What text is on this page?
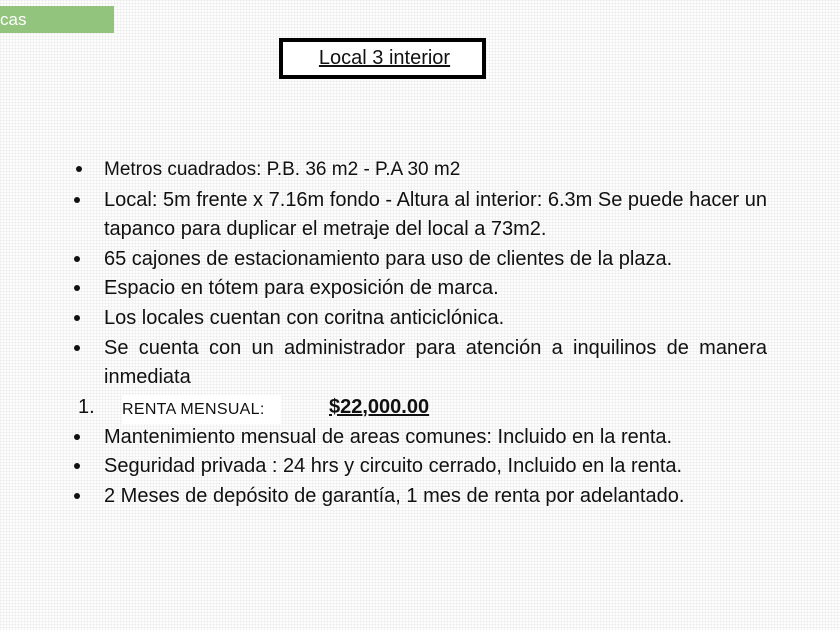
cas
Local 3 interior
Metros cuadrados: P.B. 36 m2 - P.A 30 m2
Local: 5m frente x 7.16m fondo - Altura al interior: 6.3m Se puede hacer un tapanco para duplicar el metraje del local a 73m2.
65 cajones de estacionamiento para uso de clientes de la plaza.
Espacio en tótem para exposición de marca.
Los locales cuentan con coritna anticiclónica.
Se cuenta con un administrador para atención a inquilinos de manera inmediata
1. RENTA MENSUAL:	$22,000.00
Mantenimiento mensual de areas comunes: Incluido en la renta.
Seguridad privada : 24 hrs y circuito cerrado, Incluido en la renta.
2 Meses de depósito de garantía, 1 mes de renta por adelantado.
